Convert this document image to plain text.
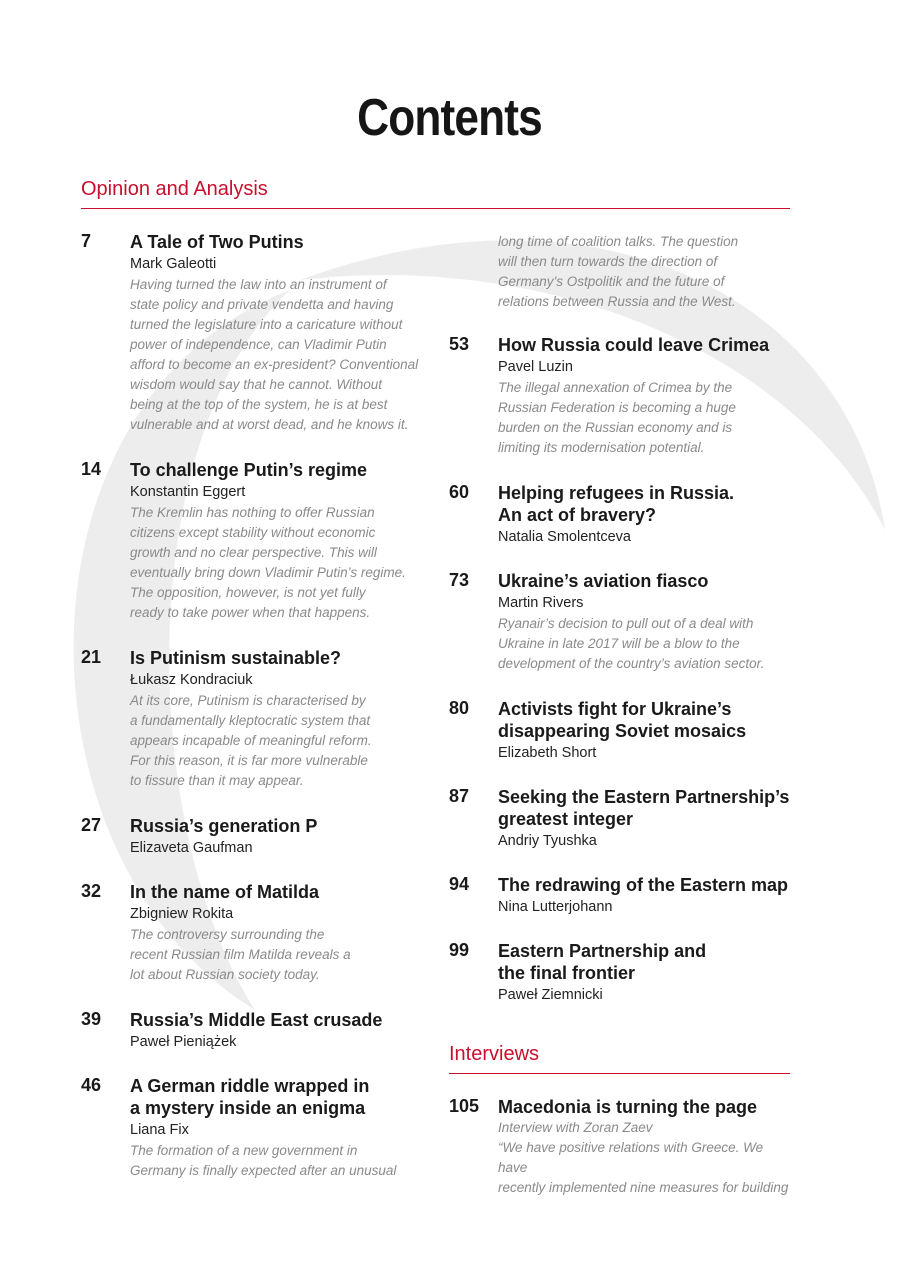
Contents
Opinion and Analysis
7 A Tale of Two Putins
Mark Galeotti
Having turned the law into an instrument of
state policy and private vendetta and having
turned the legislature into a caricature without
power of independence, can Vladimir Putin
afford to become an ex-president? Conventional
wisdom would say that he cannot. Without
being at the top of the system, he is at best
vulnerable and at worst dead, and he knows it.
14 To challenge Putin’s regime
Konstantin Eggert
The Kremlin has nothing to offer Russian
citizens except stability without economic
growth and no clear perspective. This will
eventually bring down Vladimir Putin’s regime.
The opposition, however, is not yet fully
ready to take power when that happens.
21 Is Putinism sustainable?
Łukasz Kondraciuk
At its core, Putinism is characterised by
a fundamentally kleptocratic system that
appears incapable of meaningful reform.
For this reason, it is far more vulnerable
to fissure than it may appear.
27 Russia’s generation P
Elizaveta Gaufman
32 In the name of Matilda
Zbigniew Rokita
The controversy surrounding the
recent Russian film Matilda reveals a
lot about Russian society today.
39 Russia’s Middle East crusade
Paweł Pieniążek
46 A German riddle wrapped in
a mystery inside an enigma
Liana Fix
The formation of a new government in
Germany is finally expected after an unusual
long time of coalition talks. The question
will then turn towards the direction of
Germany’s Ostpolitik and the future of
relations between Russia and the West.
53 How Russia could leave Crimea
Pavel Luzin
The illegal annexation of Crimea by the
Russian Federation is becoming a huge
burden on the Russian economy and is
limiting its modernisation potential.
60 Helping refugees in Russia.
An act of bravery?
Natalia Smolentceva
73 Ukraine’s aviation fiasco
Martin Rivers
Ryanair’s decision to pull out of a deal with
Ukraine in late 2017 will be a blow to the
development of the country’s aviation sector.
80 Activists fight for Ukraine’s
disappearing Soviet mosaics
Elizabeth Short
87 Seeking the Eastern Partnership’s
greatest integer
Andriy Tyushka
94 The redrawing of the Eastern map
Nina Lutterjohann
99 Eastern Partnership and
the final frontier
Paweł Ziemnicki
Interviews
105 Macedonia is turning the page
Interview with Zoran Zaev
“We have positive relations with Greece. We have
recently implemented nine measures for building
